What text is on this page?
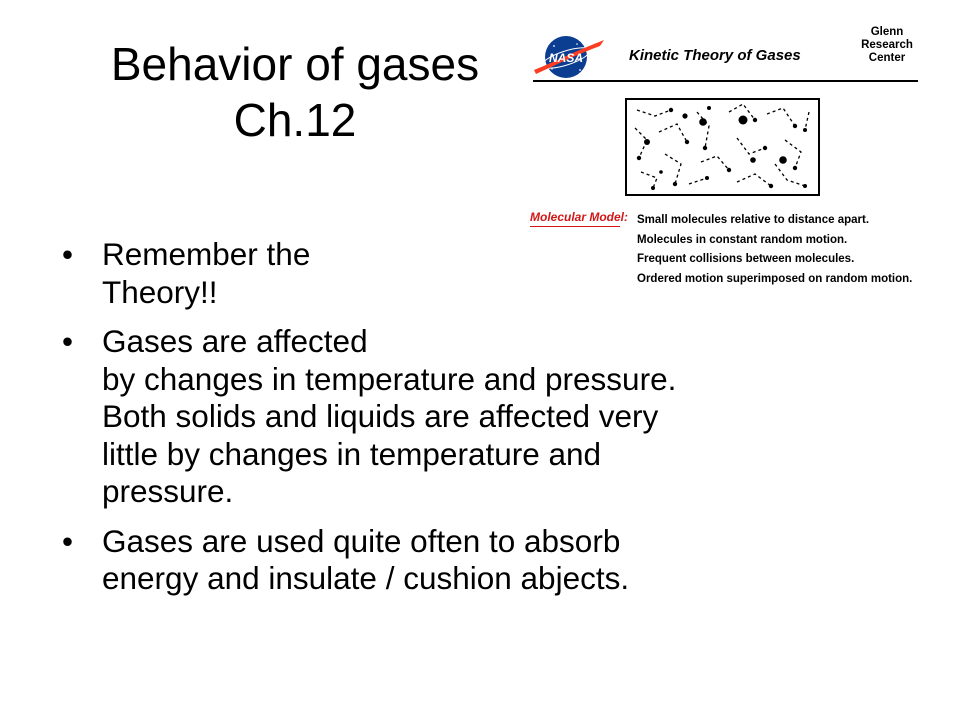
Behavior of gases
Ch.12
NASA	Kinetic Theory of Gases
Glenn
Research
Center
Molecular Model: Small molecules relative to distance apart.
Molecules in constant random motion.
Frequent collisions between molecules.
Ordered motion superimposed on random motion.
• Remember the
Theory!!
• Gases are affected
by changes in temperature and pressure.
Both solids and liquids are affected very
little by changes in temperature and
pressure.
• Gases are used quite often to absorb
energy and insulate / cushion abjects.
